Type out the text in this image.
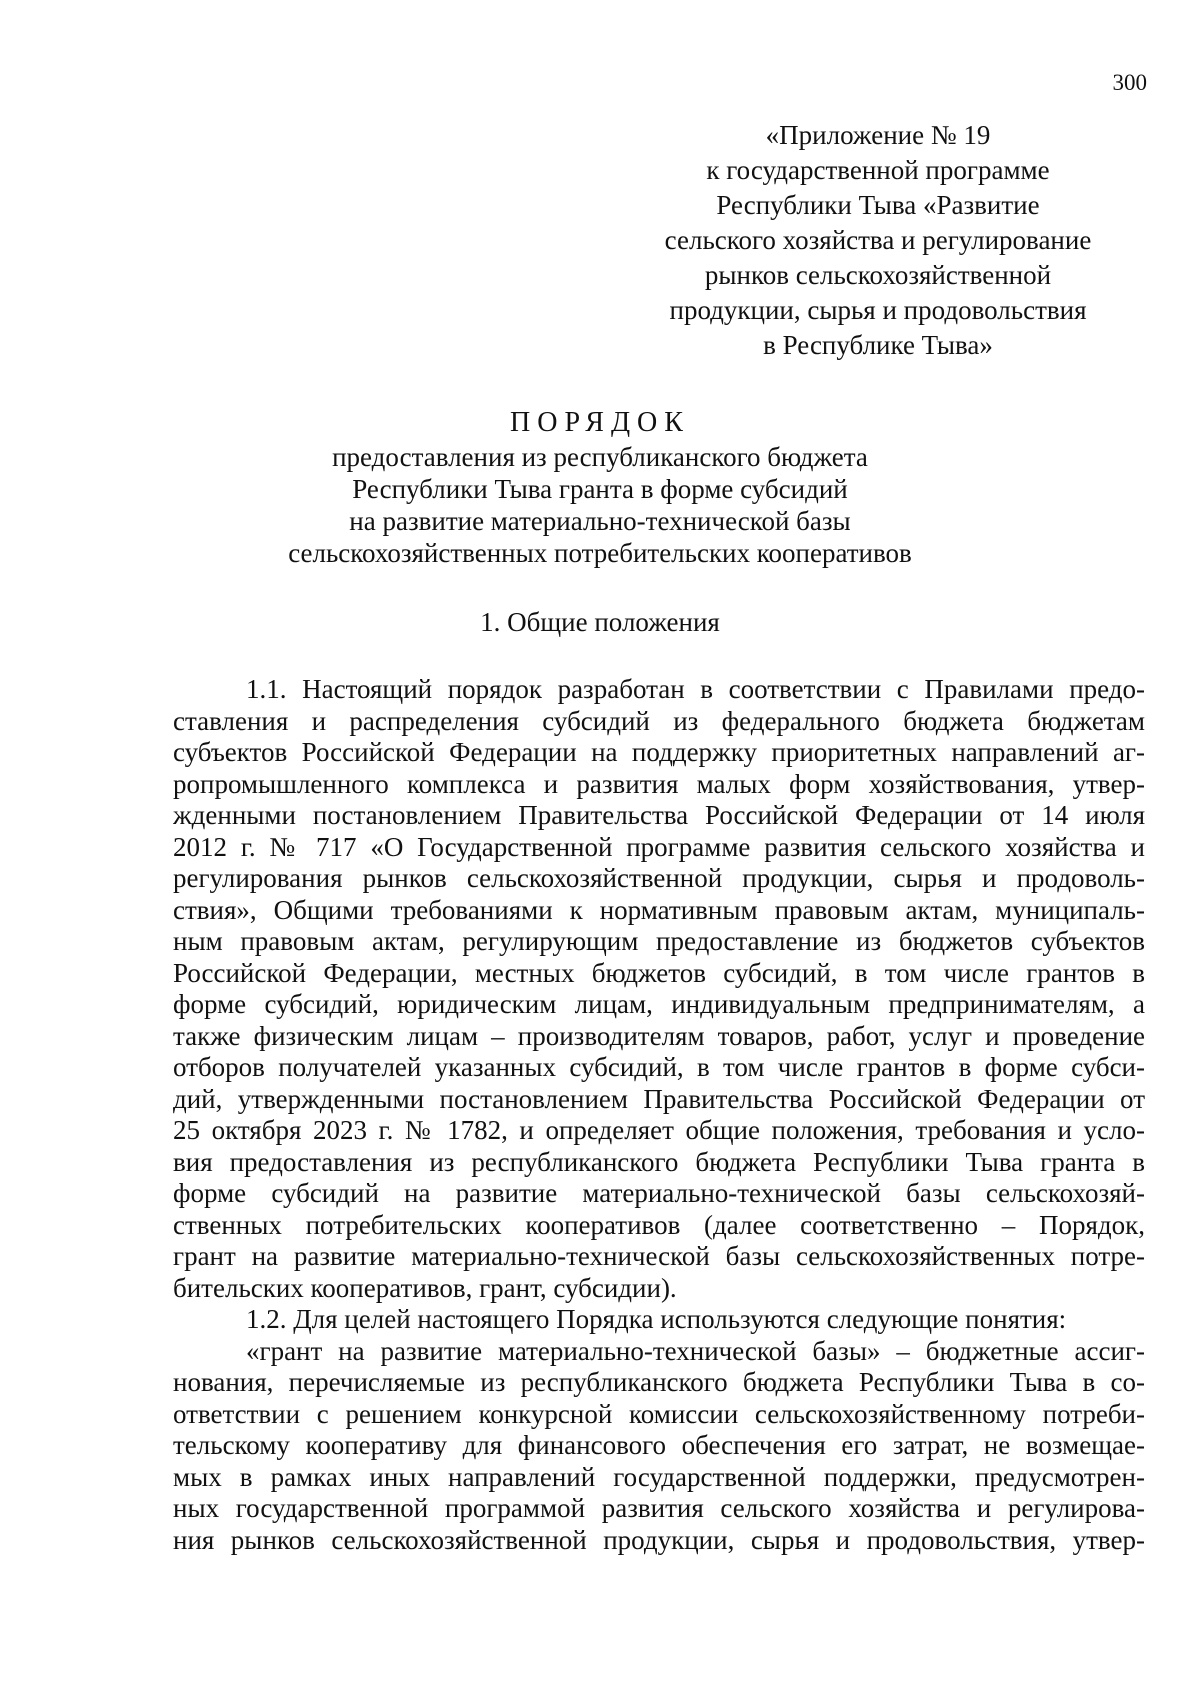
300
«Приложение № 19
к государственной программе
Республики Тыва «Развитие
сельского хозяйства и регулирование
рынков сельскохозяйственной
продукции, сырья и продовольствия
в Республике Тыва»
ПОРЯДОК
предоставления из республиканского бюджета
Республики Тыва гранта в форме субсидий
на развитие материально-технической базы
сельскохозяйственных потребительских кооперативов
1. Общие положения
1.1. Настоящий порядок разработан в соответствии с Правилами предо-
ставления и распределения субсидий из федерального бюджета бюджетам
субъектов Российской Федерации на поддержку приоритетных направлений аг-
ропромышленного комплекса и развития малых форм хозяйствования, утвер-
жденными постановлением Правительства Российской Федерации от 14 июля
2012 г. № 717 «О Государственной программе развития сельского хозяйства и
регулирования рынков сельскохозяйственной продукции, сырья и продоволь-
ствия», Общими требованиями к нормативным правовым актам, муниципаль-
ным правовым актам, регулирующим предоставление из бюджетов субъектов
Российской Федерации, местных бюджетов субсидий, в том числе грантов в
форме субсидий, юридическим лицам, индивидуальным предпринимателям, а
также физическим лицам – производителям товаров, работ, услуг и проведение
отборов получателей указанных субсидий, в том числе грантов в форме субси-
дий, утвержденными постановлением Правительства Российской Федерации от
25 октября 2023 г. № 1782, и определяет общие положения, требования и усло-
вия предоставления из республиканского бюджета Республики Тыва гранта в
форме субсидий на развитие материально-технической базы сельскохозяй-
ственных потребительских кооперативов (далее соответственно – Порядок,
грант на развитие материально-технической базы сельскохозяйственных потре-
бительских кооперативов, грант, субсидии).
1.2. Для целей настоящего Порядка используются следующие понятия:
«грант на развитие материально-технической базы» – бюджетные ассиг-
нования, перечисляемые из республиканского бюджета Республики Тыва в со-
ответствии с решением конкурсной комиссии сельскохозяйственному потреби-
тельскому кооперативу для финансового обеспечения его затрат, не возмещае-
мых в рамках иных направлений государственной поддержки, предусмотрен-
ных государственной программой развития сельского хозяйства и регулирова-
ния рынков сельскохозяйственной продукции, сырья и продовольствия, утвер-
